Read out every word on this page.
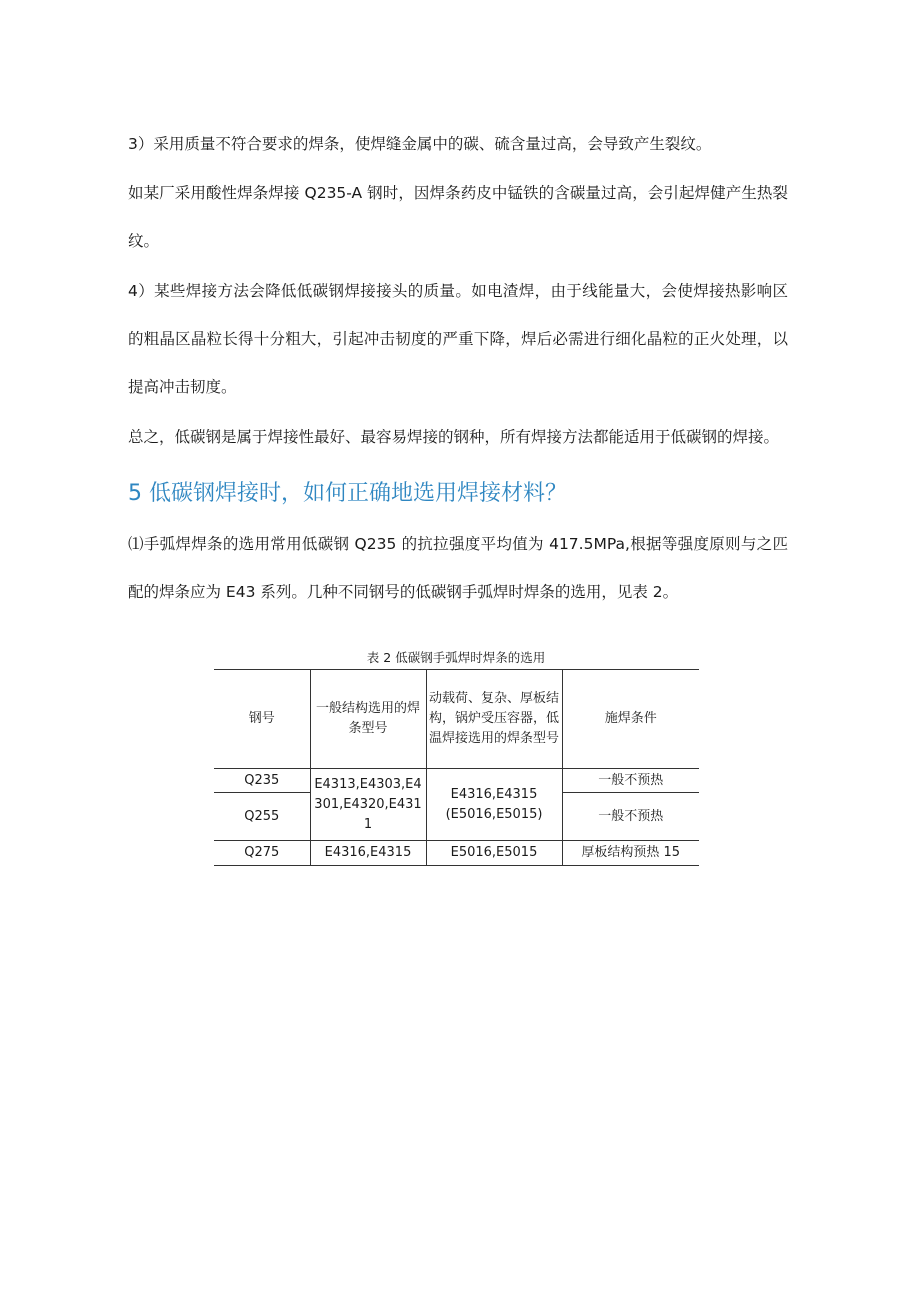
3）采用质量不符合要求的焊条，使焊缝金属中的碳、硫含量过高，会导致产生裂纹。

如某厂采用酸性焊条焊接 Q235-A 钢时，因焊条药皮中锰铁的含碳量过高，会引起焊健产生热裂纹。

4）某些焊接方法会降低低碳钢焊接接头的质量。如电渣焊，由于线能量大，会使焊接热影响区的粗晶区晶粒长得十分粗大，引起冲击韧度的严重下降，焊后必需进行细化晶粒的正火处理，以提高冲击韧度。

总之，低碳钢是属于焊接性最好、最容易焊接的钢种，所有焊接方法都能适用于低碳钢的焊接。

5 低碳钢焊接时，如何正确地选用焊接材料？

⑴手弧焊焊条的选用常用低碳钢 Q235 的抗拉强度平均值为 417.5MPa,根据等强度原则与之匹配的焊条应为 E43 系列。几种不同钢号的低碳钢手弧焊时焊条的选用，见表 2。

表 2 低碳钢手弧焊时焊条的选用
钢号	一般结构选用的焊条型号	动载荷、复杂、厚板结构，锅炉受压容器，低温焊接选用的焊条型号	施焊条件
Q235	E4313,E4303,E4301,E4320,E4311	E4316,E4315 (E5016,E5015)	一般不预热
Q255			一般不预热
Q275	E4316,E4315	E5016,E5015	厚板结构预热 15
